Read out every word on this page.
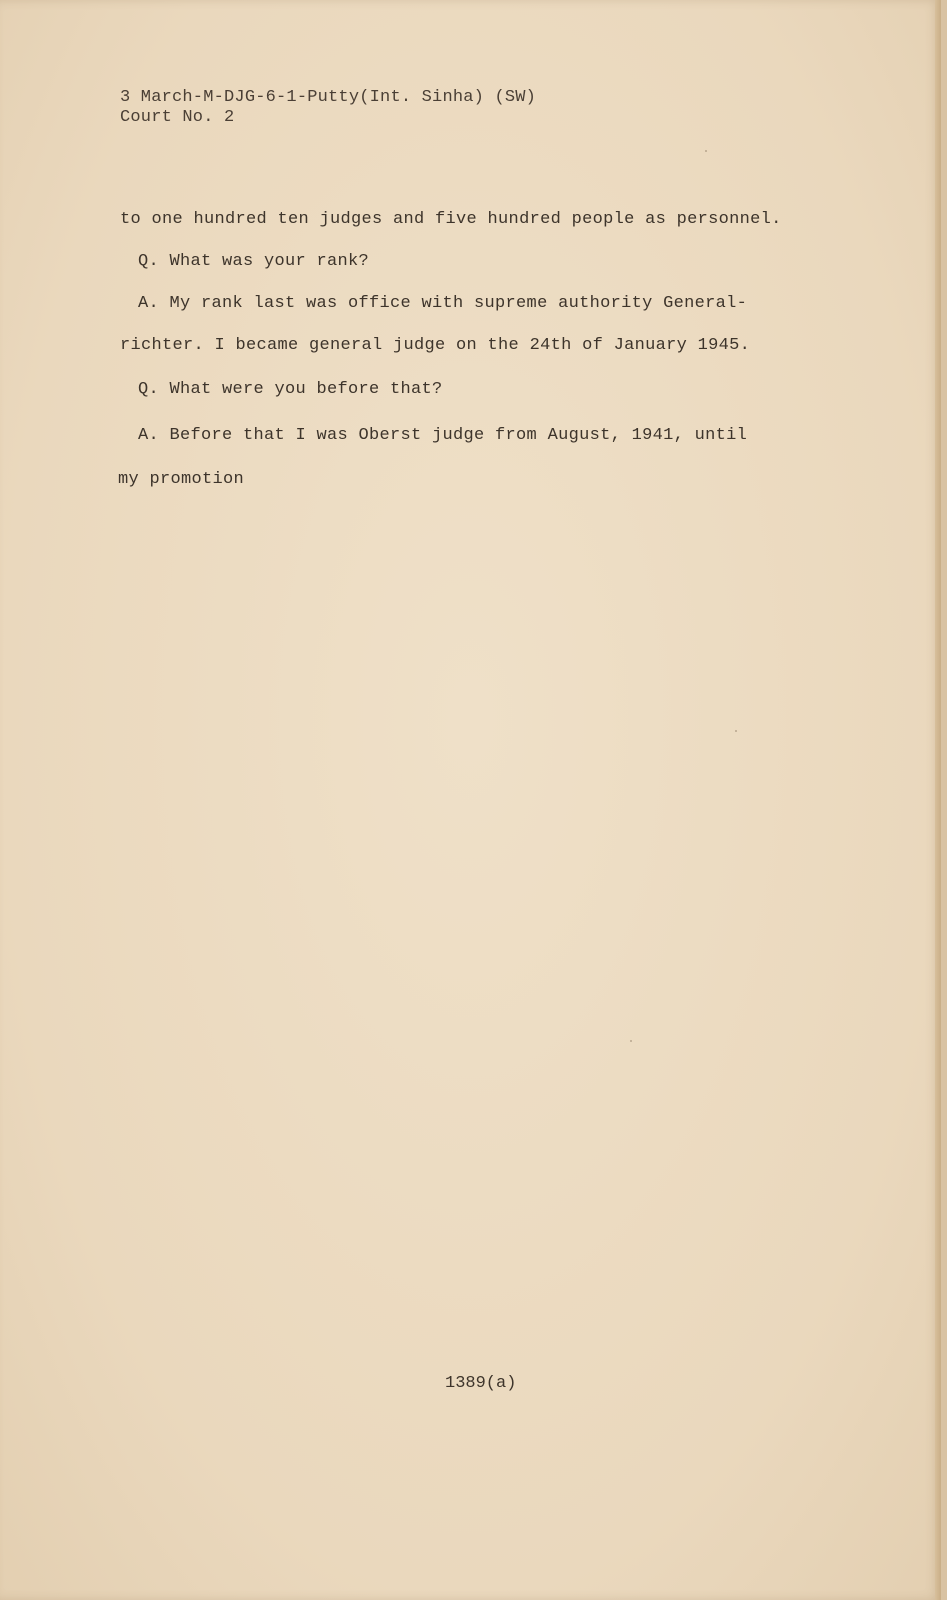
3 March-M-DJG-6-1-Putty(Int. Sinha) (SW)
Court No. 2
to one hundred ten judges and five hundred people as personnel.
Q. What was your rank?
A. My rank last was office with supreme authority General-
richter. I became general judge on the 24th of January 1945.
Q. What were you before that?
A. Before that I was Oberst judge from August, 1941, until
my promotion
1389(a)
